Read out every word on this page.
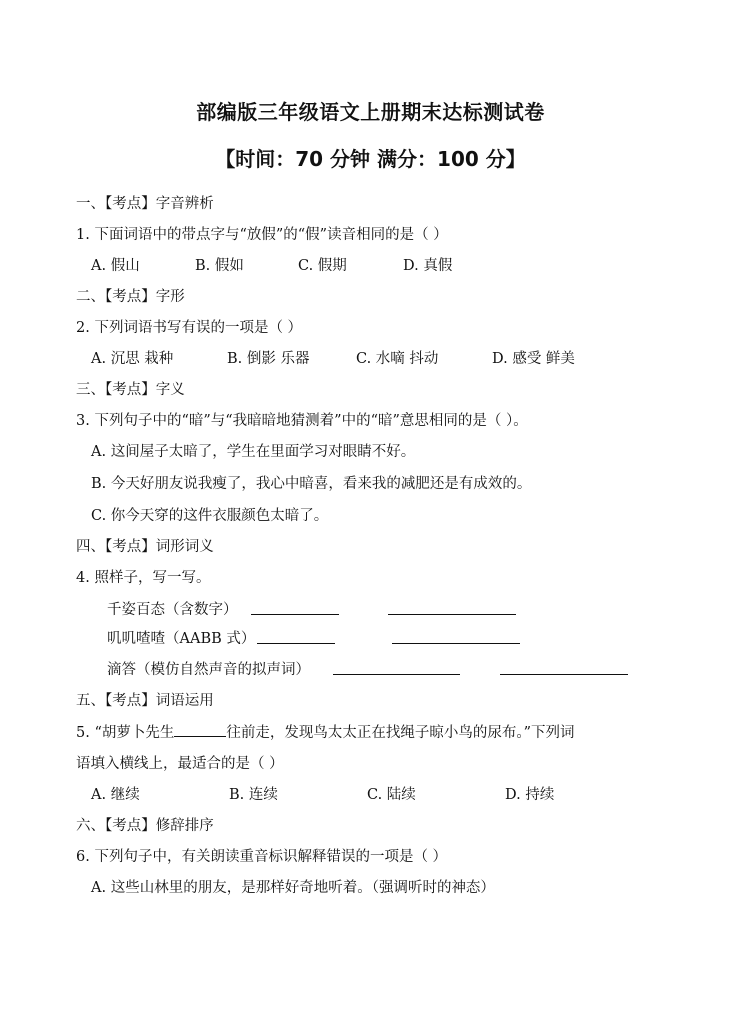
部编版三年级语文上册期末达标测试卷
【时间：70 分钟 满分：100 分】
一、【考点】字音辨析
1. 下面词语中的带点字与“放假”的“假”读音相同的是（ ）
A. 假山	B. 假如	C. 假期	D. 真假
二、【考点】字形
2. 下列词语书写有误的一项是（ ）
A. 沉思 栽种	B. 倒影 乐器	C. 水嘀 抖动	D. 感受 鲜美
三、【考点】字义
3. 下列句子中的“暗”与“我暗暗地猜测着”中的“暗”意思相同的是（ ）。
A. 这间屋子太暗了，学生在里面学习对眼睛不好。
B. 今天好朋友说我瘦了，我心中暗喜，看来我的减肥还是有成效的。
C. 你今天穿的这件衣服颜色太暗了。
四、【考点】词形词义
4. 照样子，写一写。
千姿百态（含数字）
叽叽喳喳（AABB 式）
滴答（模仿自然声音的拟声词）
五、【考点】词语运用
5. “胡萝卜先生	往前走，发现鸟太太正在找绳子晾小鸟的尿布。”下列词
语填入横线上，最适合的是（ ）
A. 继续	B. 连续	C. 陆续	D. 持续
六、【考点】修辞排序
6. 下列句子中，有关朗读重音标识解释错误的一项是（ ）
A. 这些山林里的朋友，是那样好奇地听着。（强调听时的神态）
